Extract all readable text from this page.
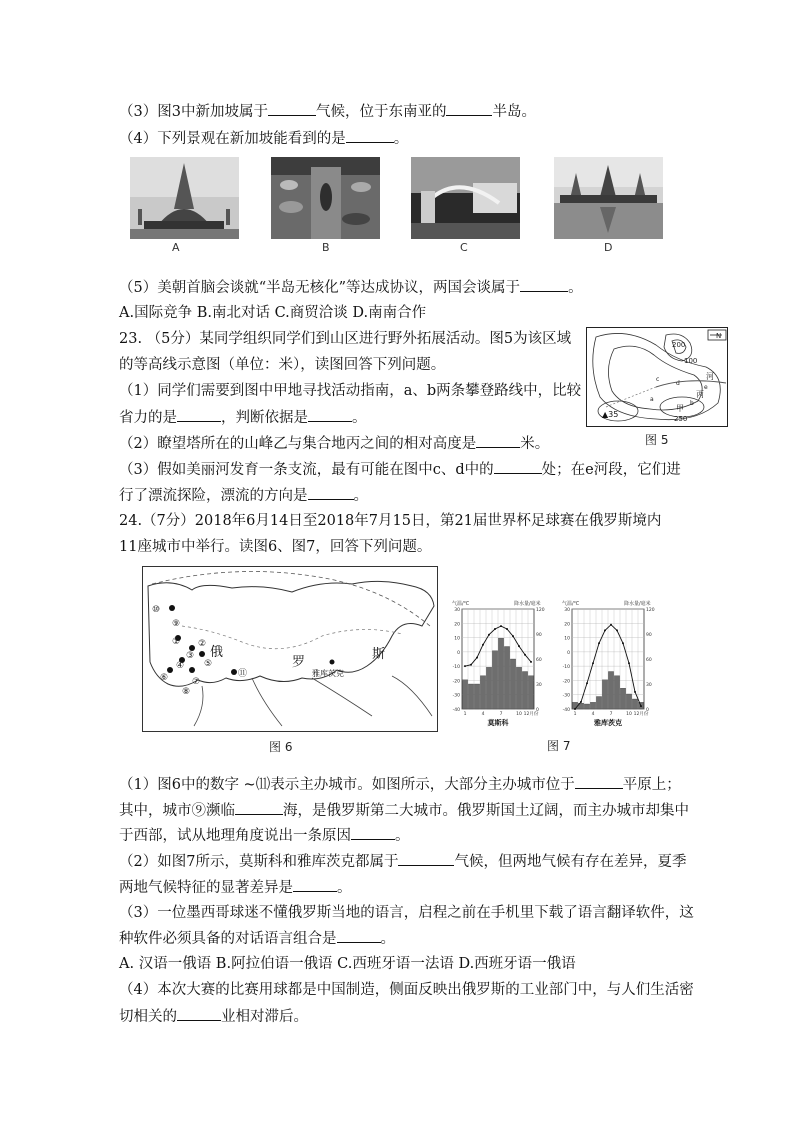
（3）图3中新加坡属于	气候，位于东南亚的	半岛。
（4）下列景观在新加坡能看到的是	。
A	B	C	D
（5）美朝首脑会谈就“半岛无核化”等达成协议，两国会谈属于	。
A.国际竞争 B.南北对话 C.商贸洽谈 D.南南合作
23. （5分）某同学组织同学们到山区进行野外拓展活动。图5为该区域
的等高线示意图（单位：米），读图回答下列问题。
（1）同学们需要到图中甲地寻找活动指南，a、b两条攀登路线中，比较
省力的是	，判断依据是	。
（2）瞭望塔所在的山峰乙与集合地丙之间的相对高度是	米。
（3）假如美丽河发育一条支流，最有可能在图中c、d中的	处；在e河段，它们进
行了漂流探险，漂流的方向是	。
N
200
100
250
▲35
c
a
b
d
e
河
甲
丙
图 5
24.（7分）2018年6月14日至2018年7月15日，第21届世界杯足球赛在俄罗斯境内
11座城市中举行。读图6、图7，回答下列问题。
⑩
⑨
① ②
③
④ ⑤
⑥	⑦
⑧
⑪
俄
罗
斯
雅库茨克
图 6
30
20
10
0
-10
-20
-30
-40
120
90
60
30
0
气温/℃	降水量/毫米
1	4	7	10 12月份
莫斯科
30
20
10
0
-10
-20
-30
-40
120
90
60
30
0
气温/℃	降水量/毫米
1	4	7	10 12月份
雅库茨克
图 7
（1）图6中的数字 ~⑾表示主办城市。如图所示，大部分主办城市位于	平原上；
其中，城市⑨濒临	海，是俄罗斯第二大城市。俄罗斯国土辽阔，而主办城市却集中
于西部，试从地理角度说出一条原因	。
（2）如图7所示，莫斯科和雅库茨克都属于	气候，但两地气候有存在差异，夏季
两地气候特征的显著差异是	。
（3）一位墨西哥球迷不懂俄罗斯当地的语言，启程之前在手机里下载了语言翻译软件，这
种软件必须具备的对话语言组合是	。
A. 汉语一俄语 B.阿拉伯语一俄语 C.西班牙语一法语 D.西班牙语一俄语
（4）本次大赛的比赛用球都是中国制造，侧面反映出俄罗斯的工业部门中，与人们生活密
切相关的	业相对滞后。
